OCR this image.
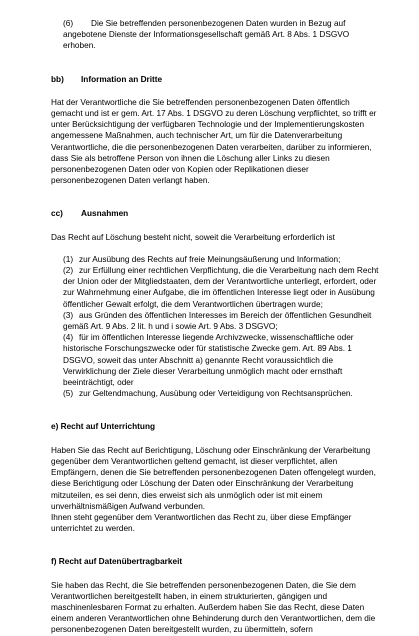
(6) Die Sie betreffenden personenbezogenen Daten wurden in Bezug auf angebotene Dienste der Informationsgesellschaft gemäß Art. 8 Abs. 1 DSGVO erhoben.

bb) Information an Dritte

Hat der Verantwortliche die Sie betreffenden personenbezogenen Daten öffentlich gemacht und ist er gem. Art. 17 Abs. 1 DSGVO zu deren Löschung verpflichtet, so trifft er unter Berücksichtigung der verfügbaren Technologie und der Implementierungskosten angemessene Maßnahmen, auch technischer Art, um für die Datenverarbeitung Verantwortliche, die die personenbezogenen Daten verarbeiten, darüber zu informieren, dass Sie als betroffene Person von ihnen die Löschung aller Links zu diesen personenbezogenen Daten oder von Kopien oder Replikationen dieser personenbezogenen Daten verlangt haben.

cc) Ausnahmen

Das Recht auf Löschung besteht nicht, soweit die Verarbeitung erforderlich ist

(1) zur Ausübung des Rechts auf freie Meinungsäußerung und Information;
(2) zur Erfüllung einer rechtlichen Verpflichtung, die die Verarbeitung nach dem Recht der Union oder der Mitgliedstaaten, dem der Verantwortliche unterliegt, erfordert, oder zur Wahrnehmung einer Aufgabe, die im öffentlichen Interesse liegt oder in Ausübung öffentlicher Gewalt erfolgt, die dem Verantwortlichen übertragen wurde;
(3) aus Gründen des öffentlichen Interesses im Bereich der öffentlichen Gesundheit gemäß Art. 9 Abs. 2 lit. h und i sowie Art. 9 Abs. 3 DSGVO;
(4) für im öffentlichen Interesse liegende Archivzwecke, wissenschaftliche oder historische Forschungszwecke oder für statistische Zwecke gem. Art. 89 Abs. 1 DSGVO, soweit das unter Abschnitt a) genannte Recht voraussichtlich die Verwirklichung der Ziele dieser Verarbeitung unmöglich macht oder ernsthaft beeinträchtigt, oder
(5) zur Geltendmachung, Ausübung oder Verteidigung von Rechtsansprüchen.

e) Recht auf Unterrichtung

Haben Sie das Recht auf Berichtigung, Löschung oder Einschränkung der Verarbeitung gegenüber dem Verantwortlichen geltend gemacht, ist dieser verpflichtet, allen Empfängern, denen die Sie betreffenden personenbezogenen Daten offengelegt wurden, diese Berichtigung oder Löschung der Daten oder Einschränkung der Verarbeitung mitzuteilen, es sei denn, dies erweist sich als unmöglich oder ist mit einem unverhältnismäßigen Aufwand verbunden.

Ihnen steht gegenüber dem Verantwortlichen das Recht zu, über diese Empfänger unterrichtet zu werden.

f) Recht auf Datenübertragbarkeit

Sie haben das Recht, die Sie betreffenden personenbezogenen Daten, die Sie dem Verantwortlichen bereitgestellt haben, in einem strukturierten, gängigen und maschinenlesbaren Format zu erhalten. Außerdem haben Sie das Recht, diese Daten einem anderen Verantwortlichen ohne Behinderung durch den Verantwortlichen, dem die personenbezogenen Daten bereitgestellt wurden, zu übermitteln, sofern
